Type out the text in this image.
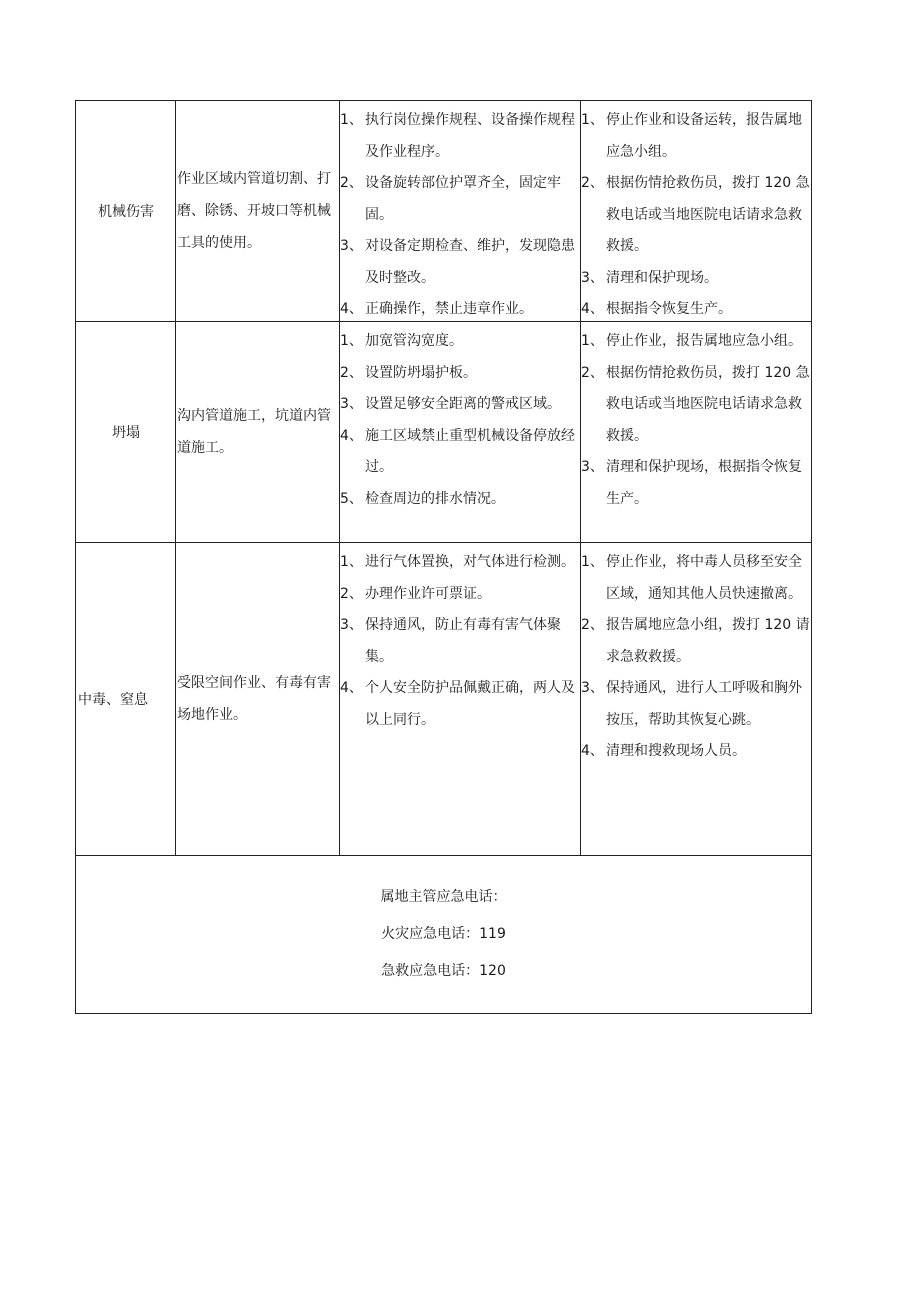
机械伤害
作业区域内管道切割、打磨、除锈、开坡口等机械工具的使用。

1、 执行岗位操作规程、设备操作规程及作业程序。

2、 设备旋转部位护罩齐全，固定牢固。

3、 对设备定期检查、维护，发现隐患及时整改。

4、 正确操作，禁止违章作业。

1、 停止作业和设备运转，报告属地应急小组。

2、 根据伤情抢救伤员，拨打 120 急救电话或当地医院电话请求急救救援。

3、 清理和保护现场。

4、 根据指令恢复生产。

坍塌
沟内管道施工，坑道内管道施工。

1、 加宽管沟宽度。

2、 设置防坍塌护板。

3、 设置足够安全距离的警戒区域。

4、 施工区域禁止重型机械设备停放经过。

5、 检查周边的排水情况。

1、 停止作业，报告属地应急小组。

2、 根据伤情抢救伤员，拨打 120 急救电话或当地医院电话请求急救救援。

3、 清理和保护现场，根据指令恢复生产。

中毒、窒息
受限空间作业、有毒有害场地作业。

1、 进行气体置换，对气体进行检测。

2、 办理作业许可票证。

3、 保持通风，防止有毒有害气体聚集。

4、 个人安全防护品佩戴正确，两人及以上同行。

1、 停止作业，将中毒人员移至安全区域，通知其他人员快速撤离。

2、 报告属地应急小组，拨打 120 请求急救救援。

3、 保持通风，进行人工呼吸和胸外按压，帮助其恢复心跳。

4、 清理和搜救现场人员。

属地主管应急电话：

火灾应急电话：119

急救应急电话：120
